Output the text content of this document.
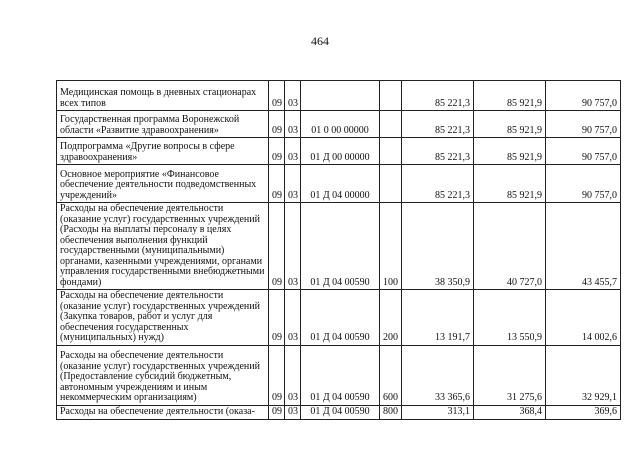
464
Медицинская помощь в дневных стационарах всех типов	09	03			85 221,3	85 921,9	90 757,0
Государственная программа Воронежской области «Развитие здравоохранения»	09	03	01 0 00 00000		85 221,3	85 921,9	90 757,0
Подпрограмма «Другие вопросы в сфере здравоохранения»	09	03	01 Д 00 00000		85 221,3	85 921,9	90 757,0
Основное мероприятие «Финансовое обеспечение деятельности подведомственных учреждений»	09	03	01 Д 04 00000		85 221,3	85 921,9	90 757,0
Расходы на обеспечение деятельности (оказание услуг) государственных учреждений (Расходы на выплаты персоналу в целях обеспечения выполнения функций государственными (муниципальными) органами, казенными учреждениями, органами управления государственными внебюджетными фондами)	09	03	01 Д 04 00590	100	38 350,9	40 727,0	43 455,7
Расходы на обеспечение деятельности (оказание услуг) государственных учреждений (Закупка товаров, работ и услуг для обеспечения государственных (муниципальных) нужд)	09	03	01 Д 04 00590	200	13 191,7	13 550,9	14 002,6
Расходы на обеспечение деятельности (оказание услуг) государственных учреждений (Предоставление субсидий бюджетным, автономным учреждениям и иным некоммерческим организациям)	09	03	01 Д 04 00590	600	33 365,6	31 275,6	32 929,1
Расходы на обеспечение деятельности (оказа-	09	03	01 Д 04 00590	800	313,1	368,4	369,6
